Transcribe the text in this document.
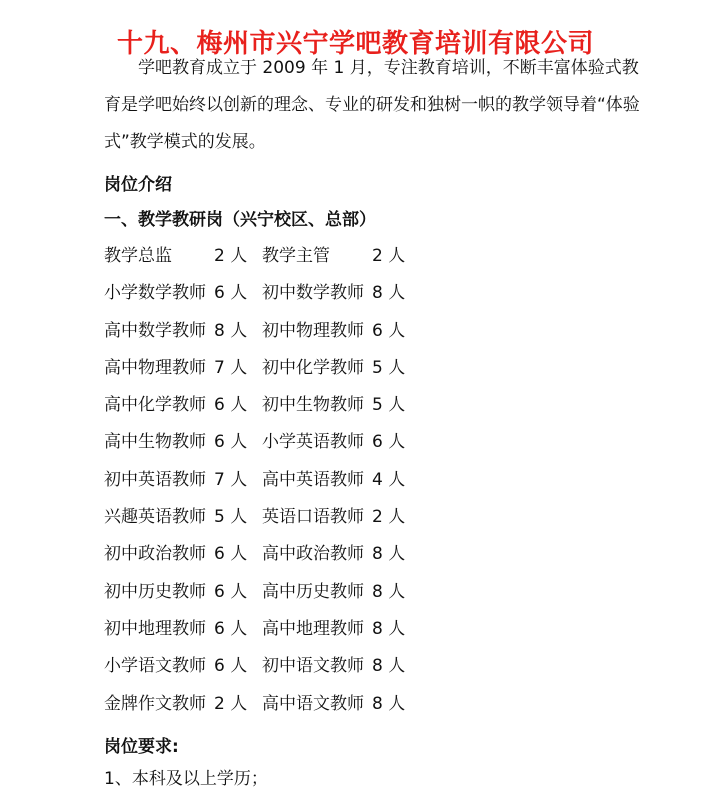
十九、梅州市兴宁学吧教育培训有限公司

学吧教育成立于 2009 年 1 月，专注教育培训，不断丰富体验式教育是学吧始终以创新的理念、专业的研发和独树一帜的教学领导着“体验式”教学模式的发展。

岗位介绍
一、教学教研岗（兴宁校区、总部）
教学总监 2 人 教学主管 2 人
小学数学教师 6 人 初中数学教师 8 人
高中数学教师 8 人 初中物理教师 6 人
高中物理教师 7 人 初中化学教师 5 人
高中化学教师 6 人 初中生物教师 5 人
高中生物教师 6 人 小学英语教师 6 人
初中英语教师 7 人 高中英语教师 4 人
兴趣英语教师 5 人 英语口语教师 2 人
初中政治教师 6 人 高中政治教师 8 人
初中历史教师 6 人 高中历史教师 8 人
初中地理教师 6 人 高中地理教师 8 人
小学语文教师 6 人 初中语文教师 8 人
金牌作文教师 2 人 高中语文教师 8 人
岗位要求:

1、本科及以上学历；
